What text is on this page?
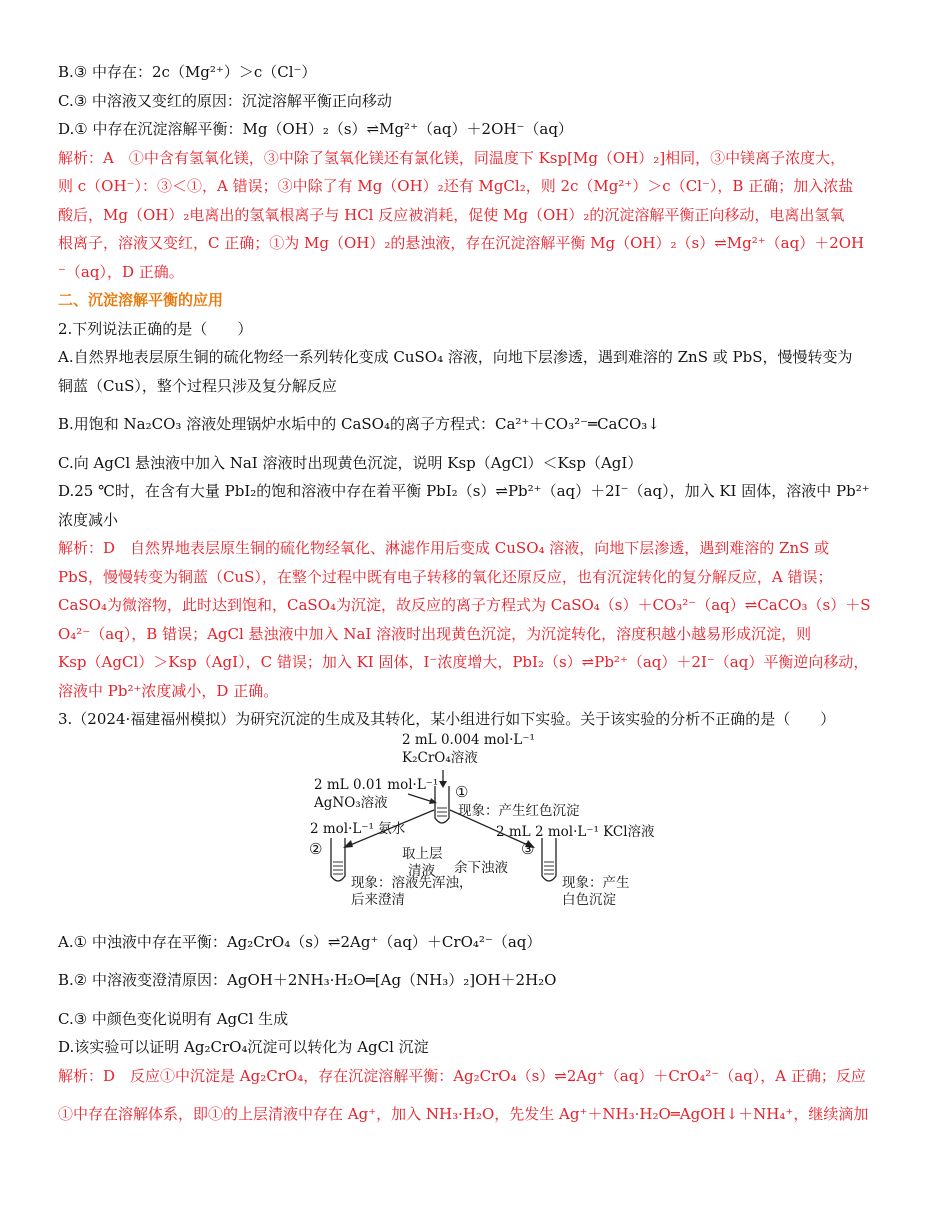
B.③ 中存在：2c（Mg²⁺）＞c（Cl⁻）
C.③ 中溶液又变红的原因：沉淀溶解平衡正向移动
D.① 中存在沉淀溶解平衡：Mg（OH）₂（s）⇌Mg²⁺（aq）＋2OH⁻（aq）
解析：A　①中含有氢氧化镁，③中除了氢氧化镁还有氯化镁，同温度下 Ksp[Mg（OH）₂]相同，③中镁离子浓度大，
则 c（OH⁻）：③＜①，A 错误；③中除了有 Mg（OH）₂还有 MgCl₂，则 2c（Mg²⁺）＞c（Cl⁻），B 正确；加入浓盐
酸后，Mg（OH）₂电离出的氢氧根离子与 HCl 反应被消耗，促使 Mg（OH）₂的沉淀溶解平衡正向移动，电离出氢氧
根离子，溶液又变红，C 正确；①为 Mg（OH）₂的悬浊液，存在沉淀溶解平衡 Mg（OH）₂（s）⇌Mg²⁺（aq）＋2OH
⁻（aq），D 正确。
二、沉淀溶解平衡的应用
2.下列说法正确的是（　　）
A.自然界地表层原生铜的硫化物经一系列转化变成 CuSO₄ 溶液，向地下层渗透，遇到难溶的 ZnS 或 PbS，慢慢转变为
铜蓝（CuS），整个过程只涉及复分解反应
B.用饱和 Na₂CO₃ 溶液处理锅炉水垢中的 CaSO₄的离子方程式：Ca²⁺＋CO₃²⁻═CaCO₃↓
C.向 AgCl 悬浊液中加入 NaI 溶液时出现黄色沉淀，说明 Ksp（AgCl）＜Ksp（AgI）
D.25 ℃时，在含有大量 PbI₂的饱和溶液中存在着平衡 PbI₂（s）⇌Pb²⁺（aq）＋2I⁻（aq），加入 KI 固体，溶液中 Pb²⁺
浓度减小
解析：D　自然界地表层原生铜的硫化物经氧化、淋滤作用后变成 CuSO₄ 溶液，向地下层渗透，遇到难溶的 ZnS 或
PbS，慢慢转变为铜蓝（CuS），在整个过程中既有电子转移的氧化还原反应，也有沉淀转化的复分解反应，A 错误；
CaSO₄为微溶物，此时达到饱和，CaSO₄为沉淀，故反应的离子方程式为 CaSO₄（s）＋CO₃²⁻（aq）⇌CaCO₃（s）＋S
O₄²⁻（aq），B 错误；AgCl 悬浊液中加入 NaI 溶液时出现黄色沉淀，为沉淀转化，溶度积越小越易形成沉淀，则
Ksp（AgCl）＞Ksp（AgI），C 错误；加入 KI 固体，I⁻浓度增大，PbI₂（s）⇌Pb²⁺（aq）＋2I⁻（aq）平衡逆向移动，
溶液中 Pb²⁺浓度减小，D 正确。
3.（2024·福建福州模拟）为研究沉淀的生成及其转化，某小组进行如下实验。关于该实验的分析不正确的是（　　）
2 mL 0.004 mol·L⁻¹
K₂CrO₄溶液
2 mL 0.01 mol·L⁻¹
AgNO₃溶液
①
现象：产生红色沉淀
2 mol·L⁻¹ 氨水	2 mL 2 mol·L⁻¹ KCl溶液
取上层
清液 余下浊液
②
现象：溶液先浑浊，
后来澄清
③
现象：产生
白色沉淀
A.① 中浊液中存在平衡：Ag₂CrO₄（s）⇌2Ag⁺（aq）＋CrO₄²⁻（aq）
B.② 中溶液变澄清原因：AgOH＋2NH₃·H₂O═[Ag（NH₃）₂]OH＋2H₂O
C.③ 中颜色变化说明有 AgCl 生成
D.该实验可以证明 Ag₂CrO₄沉淀可以转化为 AgCl 沉淀
解析：D　反应①中沉淀是 Ag₂CrO₄，存在沉淀溶解平衡：Ag₂CrO₄（s）⇌2Ag⁺（aq）＋CrO₄²⁻（aq），A 正确；反应
①中存在溶解体系，即①的上层清液中存在 Ag⁺，加入 NH₃·H₂O，先发生 Ag⁺＋NH₃·H₂O═AgOH↓＋NH₄⁺，继续滴加
